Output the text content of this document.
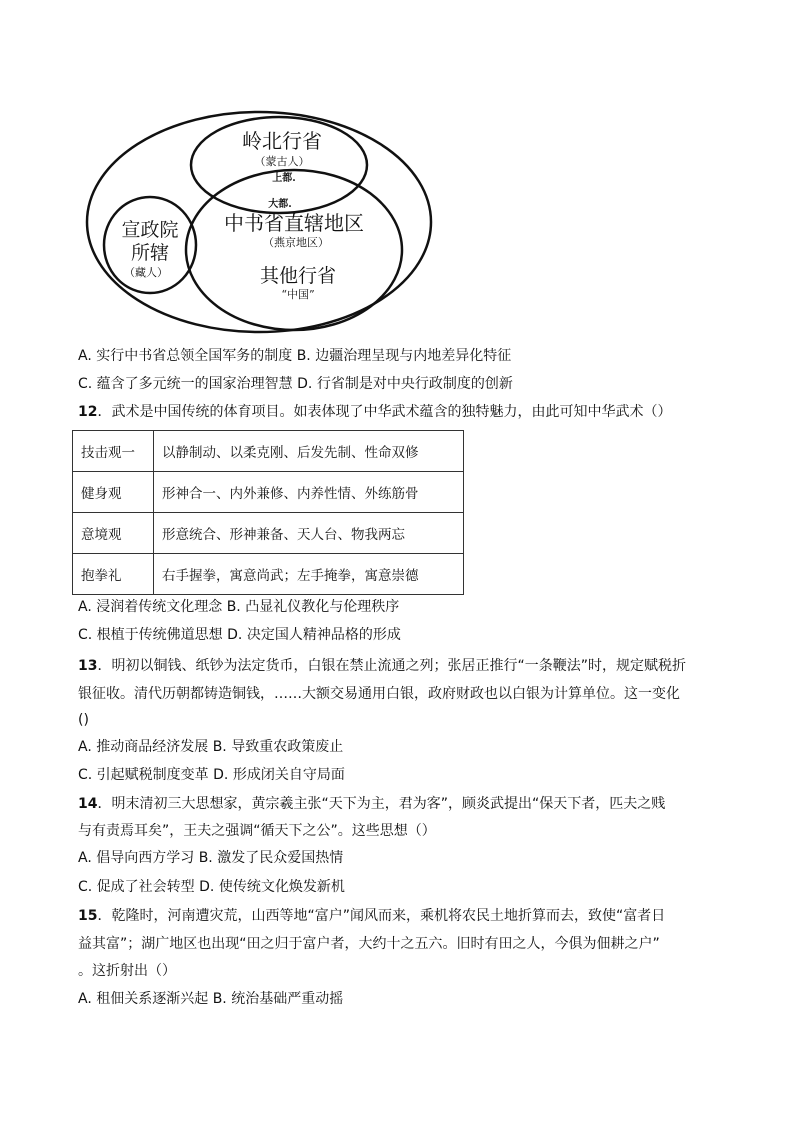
岭北行省
（蒙古人）
上都.
大都.
中书省直辖地区
（燕京地区）
其他行省
“中国”
宣政院
所辖
（藏人）
A. 实行中书省总领全国军务的制度 B. 边疆治理呈现与内地差异化特征
C. 蕴含了多元统一的国家治理智慧 D. 行省制是对中央行政制度的创新
12．武术是中国传统的体育项目。如表体现了中华武术蕴含的独特魅力，由此可知中华武术（）
技击观一	以静制动、以柔克刚、后发先制、性命双修
健身观	形神合一、内外兼修、内养性情、外练筋骨
意境观	形意统合、形神兼备、天人台、物我两忘
抱拳礼	右手握拳，寓意尚武；左手掩拳，寓意崇德
A. 浸润着传统文化理念 B. 凸显礼仪教化与伦理秩序
C. 根植于传统佛道思想 D. 决定国人精神品格的形成
13．明初以铜钱、纸钞为法定货币，白银在禁止流通之列；张居正推行“一条鞭法”时，规定赋税折
银征收。清代历朝都铸造铜钱，……大额交易通用白银，政府财政也以白银为计算单位。这一变化
()
A. 推动商品经济发展 B. 导致重农政策废止
C. 引起赋税制度变革 D. 形成闭关自守局面
14．明末清初三大思想家，黄宗羲主张“天下为主，君为客”，顾炎武提出“保天下者，匹夫之贱
与有责焉耳矣”，王夫之强调“循天下之公”。这些思想（）
A. 倡导向西方学习 B. 激发了民众爱国热情
C. 促成了社会转型 D. 使传统文化焕发新机
15．乾隆时，河南遭灾荒，山西等地“富户”闻风而来，乘机将农民土地折算而去，致使“富者日
益其富”；湖广地区也出现“田之归于富户者，大约十之五六。旧时有田之人，今俱为佃耕之户”
。这折射出（）
A. 租佃关系逐渐兴起 B. 统治基础严重动摇
